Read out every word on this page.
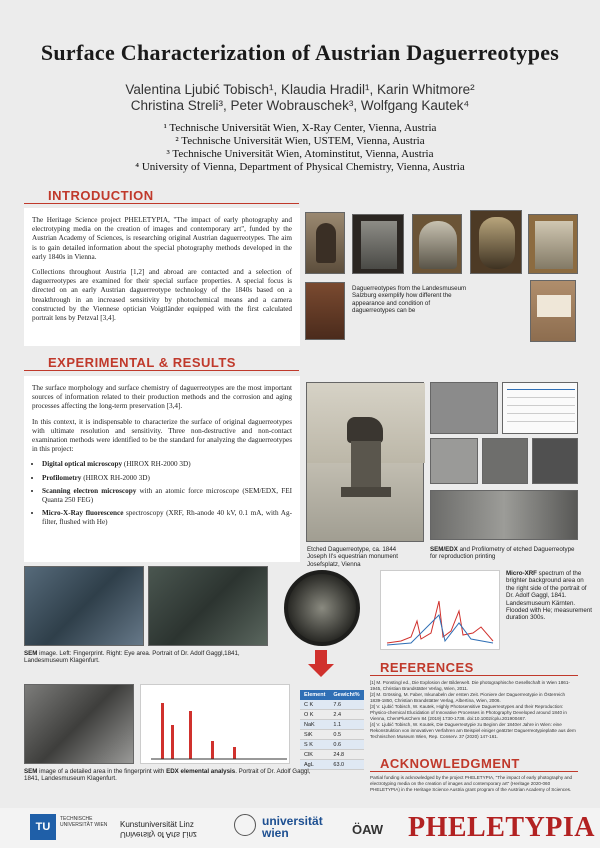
Surface Characterization of Austrian Daguerreotypes
Valentina Ljubić Tobisch¹, Klaudia Hradil¹, Karin Whitmore²
Christina Streli³, Peter Wobrauschek³, Wolfgang Kautek⁴
¹ Technische Universität Wien, X-Ray Center, Vienna, Austria
² Technische Universität Wien, USTEM, Vienna, Austria
³ Technische Universität Wien, Atominstitut, Vienna, Austria
⁴ University of Vienna, Department of Physical Chemistry, Vienna, Austria
INTRODUCTION

The Heritage Science project PHELETYPIA, "The impact of early photography and electrotyping media on the creation of images and contemporary art", funded by the Austrian Academy of Sciences, is researching original Austrian daguerreotypes. The aim is to gain detailed information about the special photography methods developed in the early 1840s in Vienna.

Collections throughout Austria [1,2] and abroad are contacted and a selection of daguerreotypes are examined for their special surface properties. A special focus is directed on an early Austrian daguerreotype technology of the 1840s based on a breakthrough in an increased sensitivity by photochemical means and a camera constructed by the Viennese optician Voigtländer equipped with the first calculated portrait lens by Petzval [3,4].

Daguerreotypes from the Landesmuseum Salzburg exemplify how different the appearance and condition of daguerreotypes can be
EXPERIMENTAL & RESULTS

The surface morphology and surface chemistry of daguerreotypes are the most important sources of information related to their production methods and the corrosion and aging processes affecting the long-term preservation [3,4].

In this context, it is indispensable to characterize the surface of original daguerreotypes with ultimate resolution and sensitivity. Three non-destructive and non-contact examination methods were identified to be the standard for analyzing the daguerreotypes in this project:

• Digital optical microscopy (HIROX RH-2000 3D)
• Profilometry (HIROX RH-2000 3D)
• Scanning electron microscopy with an atomic force microscope (SEM/EDX, FEI Quanta 250 FEG)
• Micro-X-Ray fluorescence spectroscopy (XRF, Rh-anode 40 kV, 0.1 mA, with Ag-filter, flushed with He)
Etched Daguerreotype, ca. 1844 Joseph II's equestrian monument Josefsplatz, Vienna
SEM/EDX and Profilometry of etched Daguerreotype for reproduction printing
SEM image. Left: Fingerprint. Right: Eye area. Portrait of Dr. Adolf Gaggl,1841, Landesmuseum Klagenfurt.
Micro-XRF spectrum of the brighter background area on the right side of the portrait of Dr. Adolf Gaggl, 1841. Landesmuseum Kärnten. Flooded with He; measurement duration 300s.
Element	Gewicht%
C K	7.6
O K	2.4
NaK	1.1
SiK	0.5
S K	0.6
ClK	24.8
AgL	63.0
SEM image of a detailed area in the fingerprint with EDX elemental analysis. Portrait of Dr. Adolf Gaggl, 1841, Landesmuseum Klagenfurt.
REFERENCES
[1] M. Ponstingl ed., Die Explosion der Bilderwelt. Die photographische Gesellschaft in Wien 1861-1945, Christian Brandstätter Verlag, Wien, 2011.
[2] M. Grössing, M. Faber, Inkunabeln der ersten Zeit. Pioniere der Daguerreotypie in Österreich 1839-1850, Christian Brandstätter Verlag, Albertina, Wien, 2006.
[3] V. Ljubić Tobisch, W. Kautek, Highly Photosensitive Daguerreotypes and their Reproduction: Physico-chemical Elucidation of Innovative Processes in Photography Developed around 1840 in Vienna, ChemPlusChem 84 (2019) 1730-1738. doi:10.1002/cplu.201900467.
[4] V. Ljubić Tobisch, W. Koutek, Die Daguerreotypie zu Beginn der 1840er Jahre in Wien: eine Rekonstruktion von innovativen Verfahren am Beispiel einiger geätzter Daguerreotypieplatte aus dem Technischen Museum Wien, Rep. Conserv. 37 (2020) 147-161.
ACKNOWLEDGMENT
Partial funding is acknowledged by the project PHELETYPIA, "The impact of early photography and electrotyping media on the creation of images and contemporary art" (Heritage 2020-060 PHELETYPIA) in the Heritage Science Austria grant program of the Austrian Academy of Sciences.
TU
TECHNISCHE UNIVERSITÄT WIEN	Kunstuniversität Linz
University of Arts Linz
universität
wien	ÖAW PHELETYPIA
